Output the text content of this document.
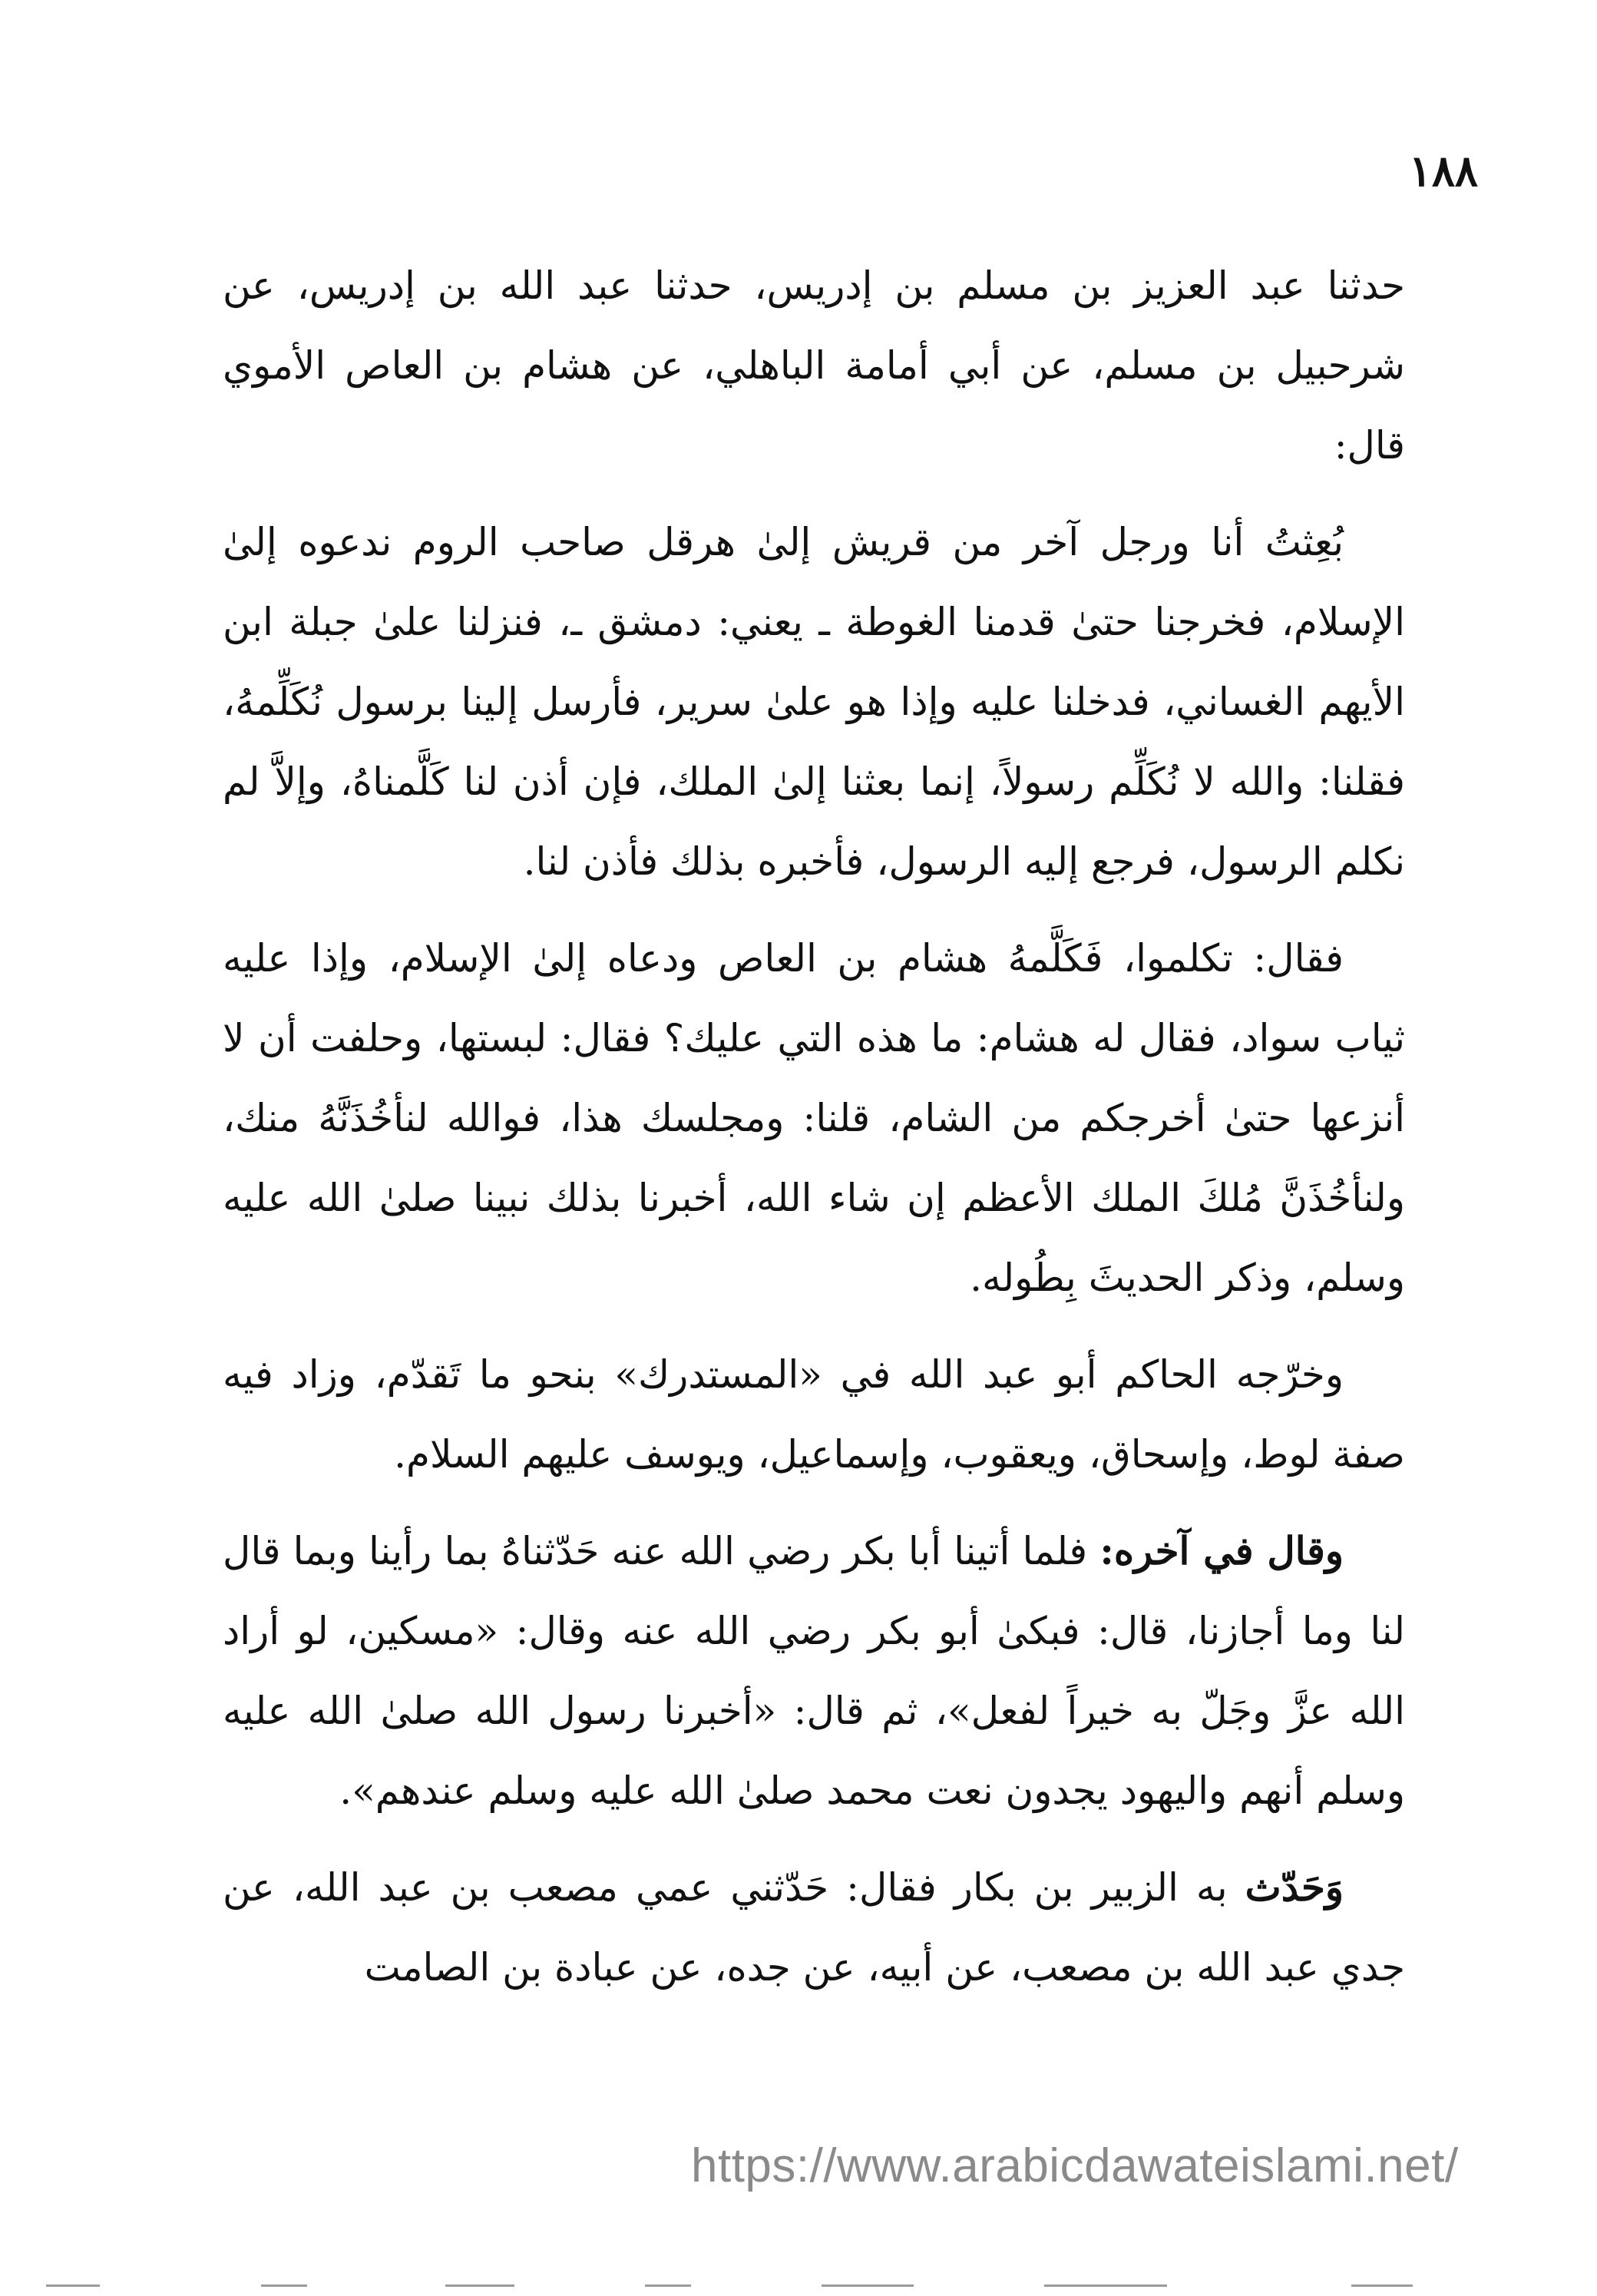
١٨٨

حدثنا عبد العزيز بن مسلم بن إدريس، حدثنا عبد الله بن إدريس، عن شرحبيل بن مسلم، عن أبي أمامة الباهلي، عن هشام بن العاص الأموي قال:

بُعِثتُ أنا ورجل آخر من قريش إلىٰ هرقل صاحب الروم ندعوه إلىٰ الإسلام، فخرجنا حتىٰ قدمنا الغوطة ـ يعني: دمشق ـ، فنزلنا علىٰ جبلة ابن الأيهم الغساني، فدخلنا عليه وإذا هو علىٰ سرير، فأرسل إلينا برسول نُكَلِّمهُ، فقلنا: والله لا نُكَلِّم رسولاً، إنما بعثنا إلىٰ الملك، فإن أذن لنا كَلَّمناهُ، وإلاَّ لم نكلم الرسول، فرجع إليه الرسول، فأخبره بذلك فأذن لنا.

فقال: تكلموا، فَكَلَّمهُ هشام بن العاص ودعاه إلىٰ الإسلام، وإذا عليه ثياب سواد، فقال له هشام: ما هذه التي عليك؟ فقال: لبستها، وحلفت أن لا أنزعها حتىٰ أخرجكم من الشام، قلنا: ومجلسك هذا، فوالله لنأخُذَنَّهُ منك، ولنأخُذَنَّ مُلكَ الملك الأعظم إن شاء الله، أخبرنا بذلك نبينا صلىٰ الله عليه وسلم، وذكر الحديثَ بِطُوله.

وخرّجه الحاكم أبو عبد الله في «المستدرك» بنحو ما تَقدّم، وزاد فيه صفة لوط، وإسحاق، ويعقوب، وإسماعيل، ويوسف عليهم السلام.

وقال في آخره: فلما أتينا أبا بكر رضي الله عنه حَدّثناهُ بما رأينا وبما قال لنا وما أجازنا، قال: فبكىٰ أبو بكر رضي الله عنه وقال: «مسكين، لو أراد الله عزَّ وجَلّ به خيراً لفعل»، ثم قال: «أخبرنا رسول الله صلىٰ الله عليه وسلم أنهم واليهود يجدون نعت محمد صلىٰ الله عليه وسلم عندهم».

وَحَدّث به الزبير بن بكار فقال: حَدّثني عمي مصعب بن عبد الله، عن جدي عبد الله بن مصعب، عن أبيه، عن جده، عن عبادة بن الصامت

https://www.arabicdawateislami.net/
